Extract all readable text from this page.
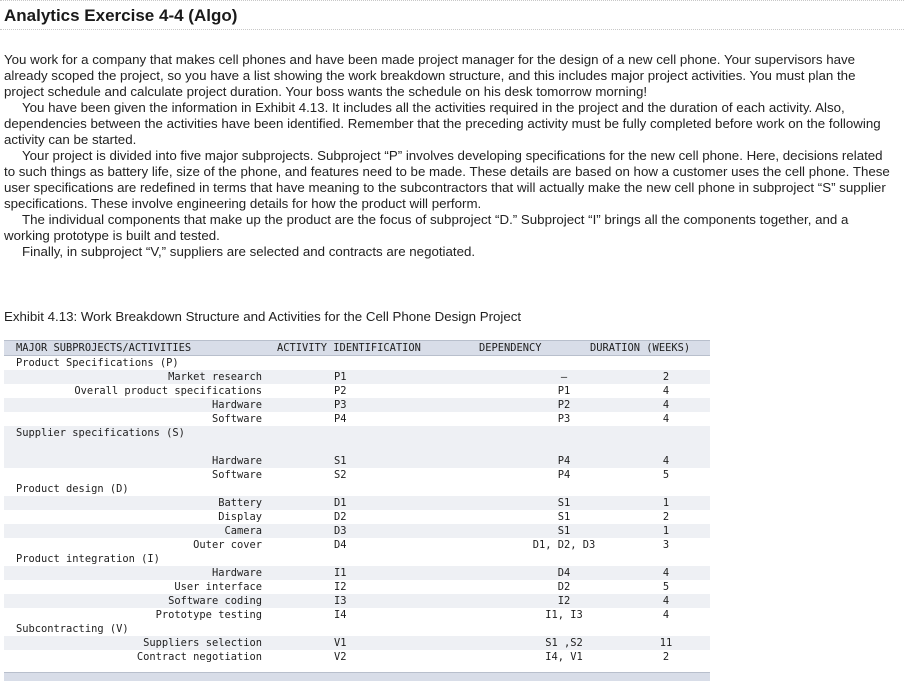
Analytics Exercise 4-4 (Algo)

You work for a company that makes cell phones and have been made project manager for the design of a new cell phone. Your supervisors have already scoped the project, so you have a list showing the work breakdown structure, and this includes major project activities. You must plan the project schedule and calculate project duration. Your boss wants the schedule on his desk tomorrow morning!

You have been given the information in Exhibit 4.13. It includes all the activities required in the project and the duration of each activity. Also, dependencies between the activities have been identified. Remember that the preceding activity must be fully completed before work on the following activity can be started.

Your project is divided into five major subprojects. Subproject “P” involves developing specifications for the new cell phone. Here, decisions related to such things as battery life, size of the phone, and features need to be made. These details are based on how a customer uses the cell phone. These user specifications are redefined in terms that have meaning to the subcontractors that will actually make the new cell phone in subproject “S” supplier specifications. These involve engineering details for how the product will perform.

The individual components that make up the product are the focus of subproject “D.” Subproject “I” brings all the components together, and a working prototype is built and tested.

Finally, in subproject “V,” suppliers are selected and contracts are negotiated.

Exhibit 4.13: Work Breakdown Structure and Activities for the Cell Phone Design Project
MAJOR SUBPROJECTS/ACTIVITIES	ACTIVITY IDENTIFICATION	DEPENDENCY	DURATION (WEEKS)
Product Specifications (P)
Market research	P1	–	2
Overall product specifications	P2	P1	4
Hardware	P3	P2	4
Software	P4	P3	4
Supplier specifications (S)
Hardware	S1	P4	4
Software	S2	P4	5
Product design (D)
Battery	D1	S1	1
Display	D2	S1	2
Camera	D3	S1	1
Outer cover	D4	D1, D2, D3	3
Product integration (I)
Hardware	I1	D4	4
User interface	I2	D2	5
Software coding	I3	I2	4
Prototype testing	I4	I1, I3	4
Subcontracting (V)
Suppliers selection	V1	S1 ,S2	11
Contract negotiation	V2	I4, V1	2
